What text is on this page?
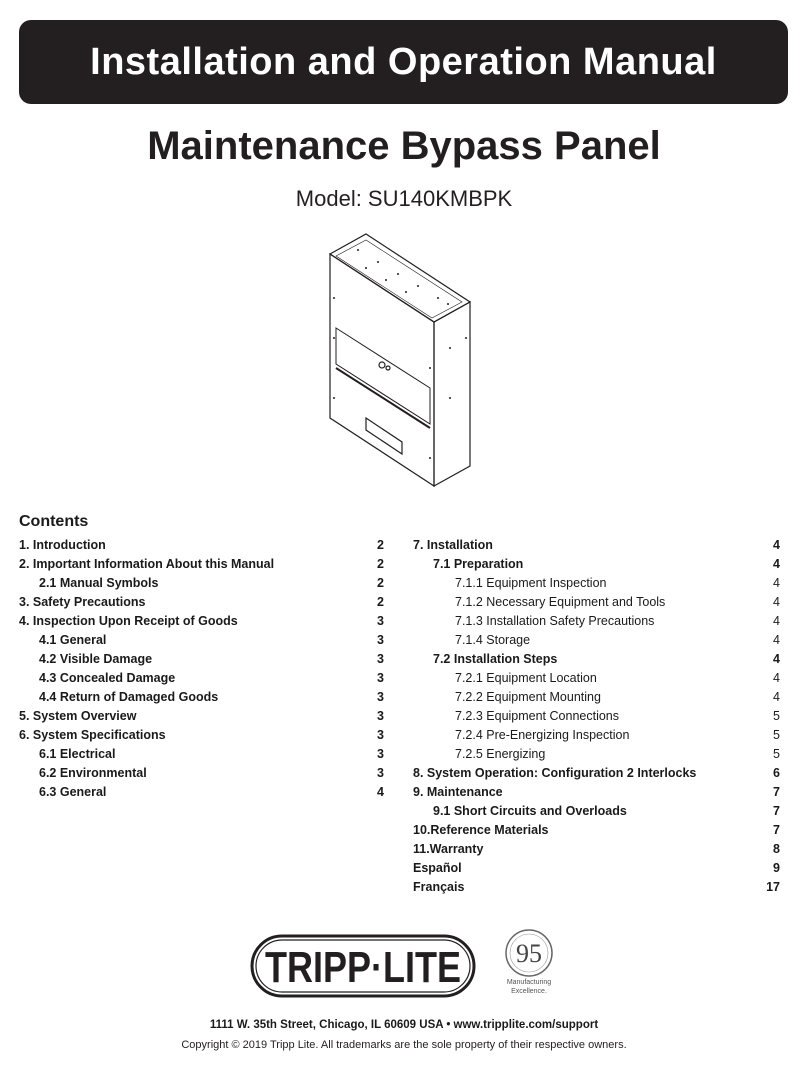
Installation and Operation Manual
Maintenance Bypass Panel
Model: SU140KMBPK
Contents
1. Introduction	2
2. Important Information About this Manual	2
2.1 Manual Symbols	2
3. Safety Precautions	2
4. Inspection Upon Receipt of Goods	3
4.1 General	3
4.2 Visible Damage	3
4.3 Concealed Damage	3
4.4 Return of Damaged Goods	3
5. System Overview	3
6. System Specifications	3
6.1 Electrical	3
6.2 Environmental	3
6.3 General	4
7. Installation	4
7.1 Preparation	4
7.1.1 Equipment Inspection	4
7.1.2 Necessary Equipment and Tools	4
7.1.3 Installation Safety Precautions	4
7.1.4 Storage	4
7.2 Installation Steps	4
7.2.1 Equipment Location	4
7.2.2 Equipment Mounting	4
7.2.3 Equipment Connections	5
7.2.4 Pre-Energizing Inspection	5
7.2.5 Energizing	5
8. System Operation: Configuration 2 Interlocks	6
9. Maintenance	7
9.1 Short Circuits and Overloads	7
10.Reference Materials	7
11.Warranty	8
Español	9
Français	17
TRIPP·LITE 95
Manufacturing
Excellence.
1111 W. 35th Street, Chicago, IL 60609 USA • www.tripplite.com/support
Copyright © 2019 Tripp Lite. All trademarks are the sole property of their respective owners.
